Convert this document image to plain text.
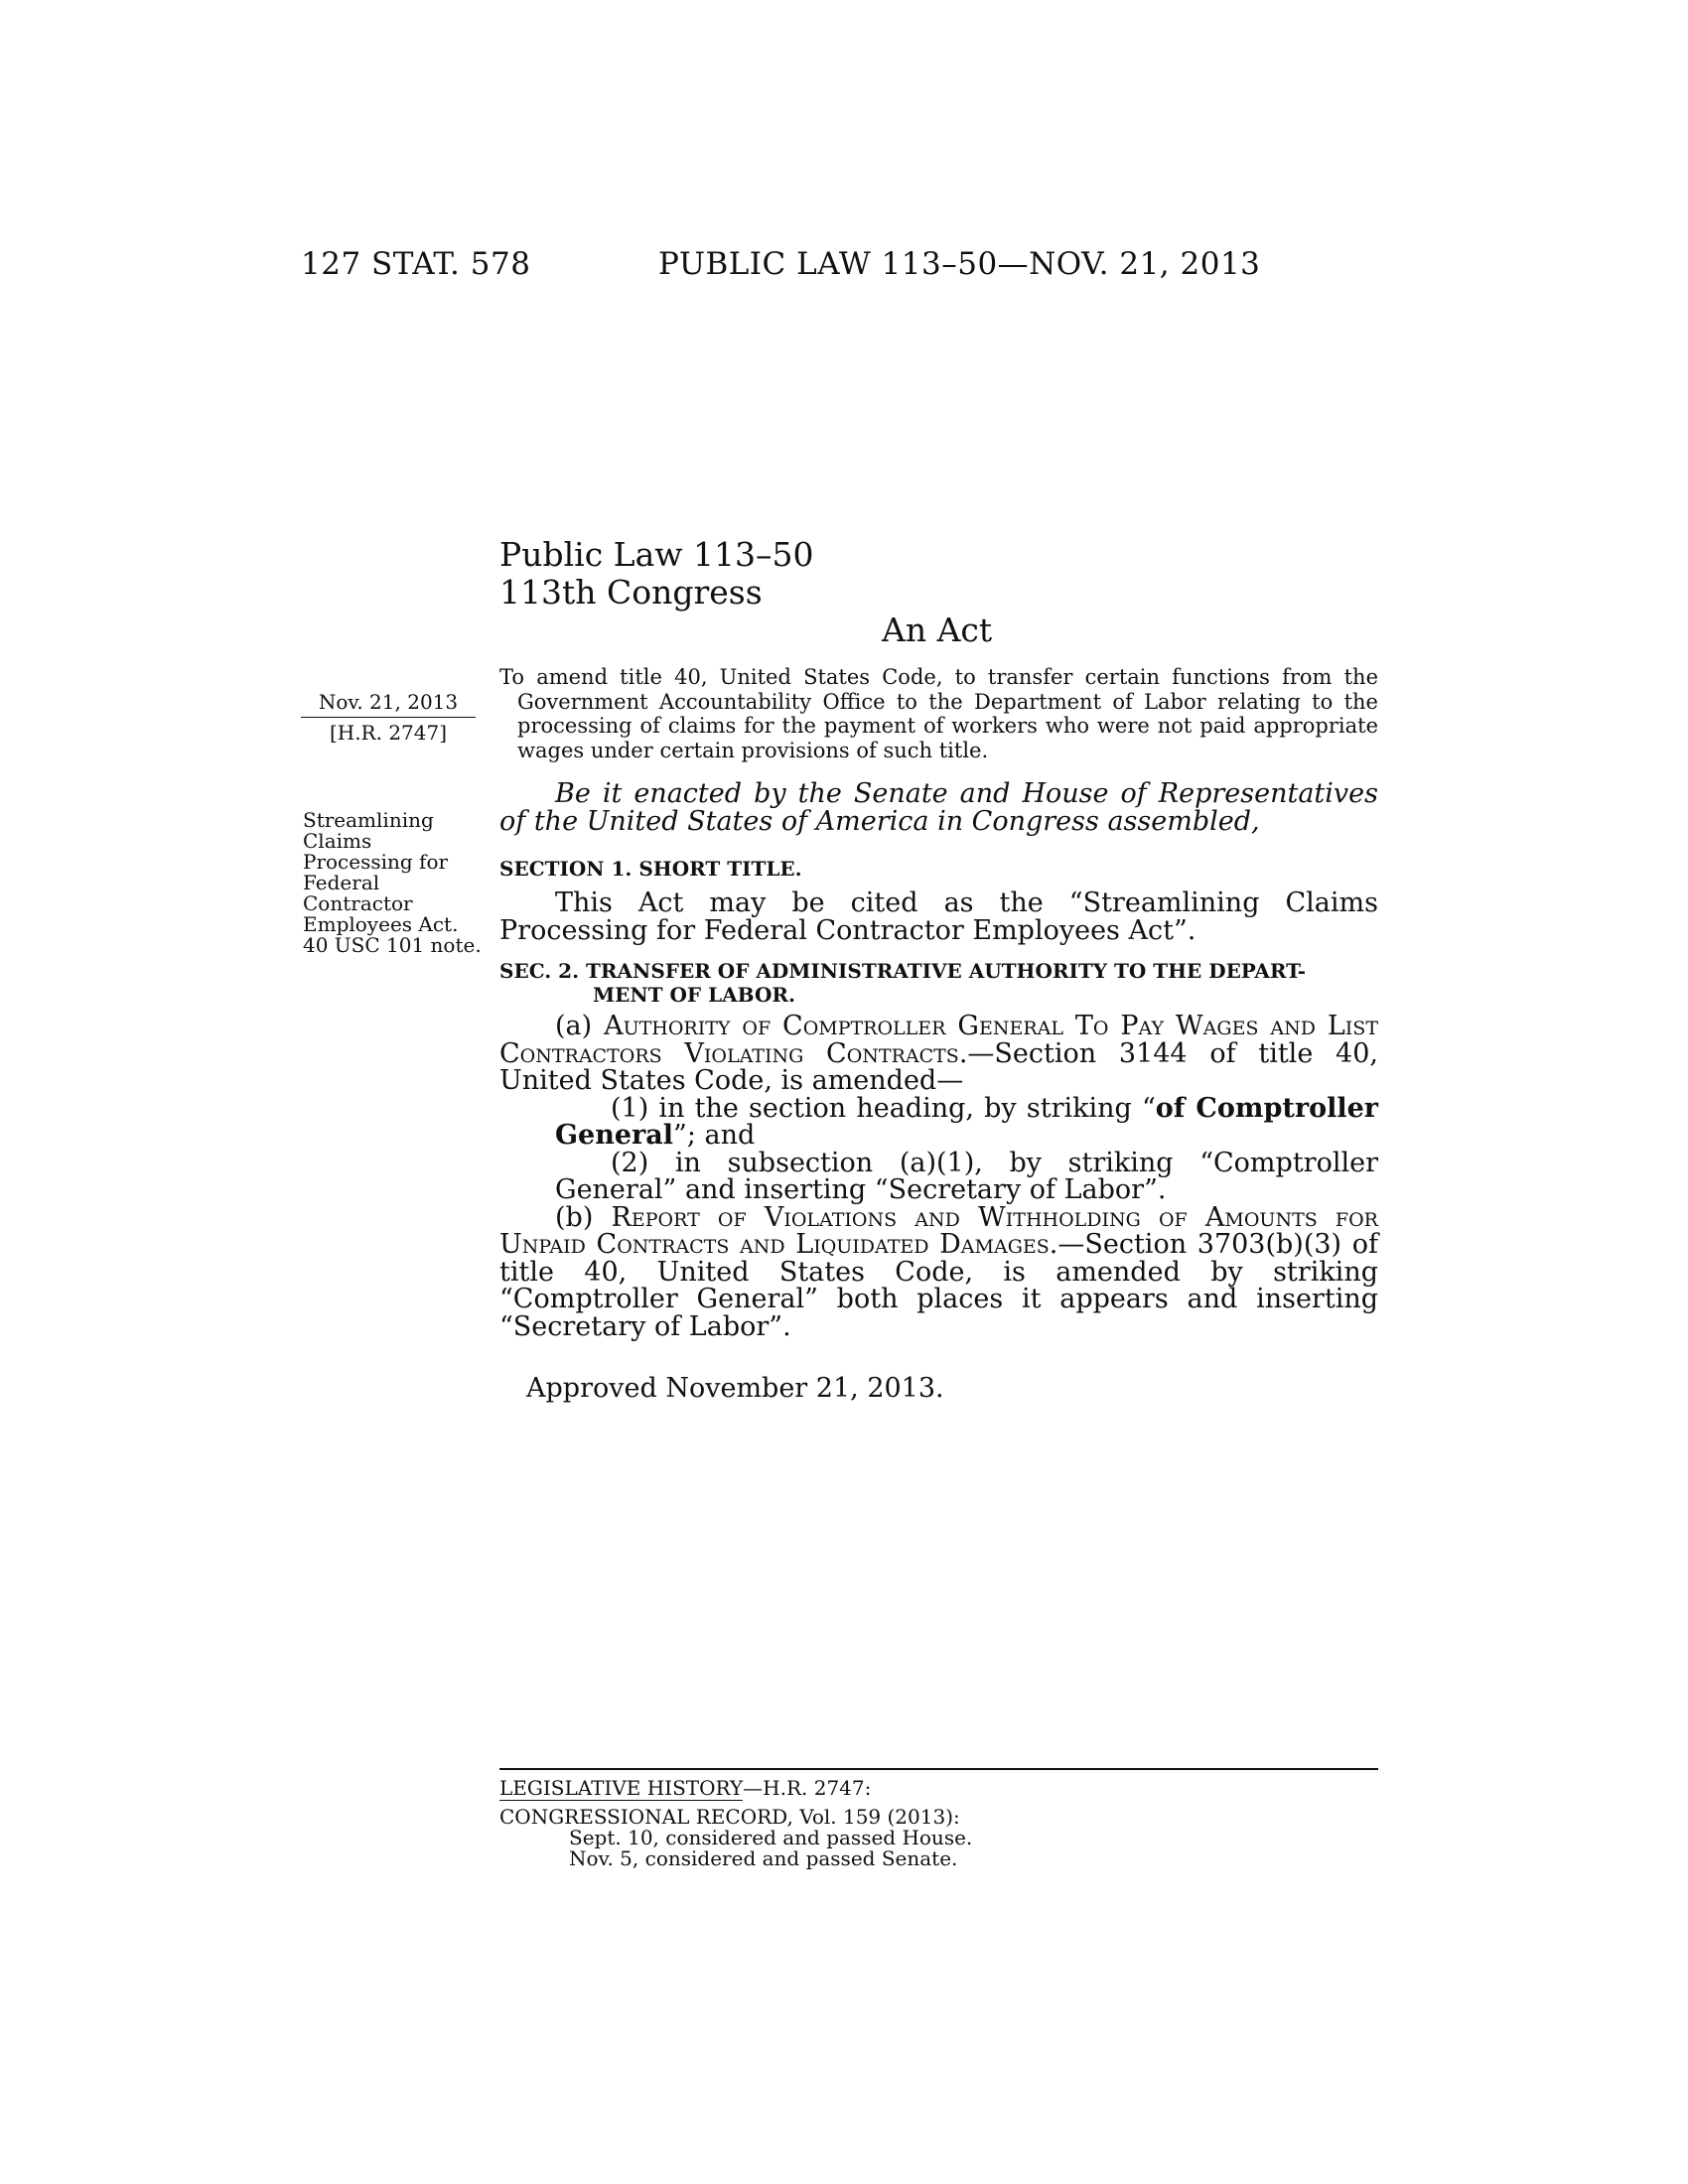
127 STAT. 578	PUBLIC LAW 113–50—NOV. 21, 2013
Public Law 113–50
113th Congress
An Act
To amend title 40, United States Code, to transfer certain functions from the Government Accountability Office to the Department of Labor relating to the processing of claims for the payment of workers who were not paid appropriate wages under certain provisions of such title.
Nov. 21, 2013
[H.R. 2747]
Streamlining
Claims
Processing for
Federal
Contractor
Employees Act.
40 USC 101 note.
Be it enacted by the Senate and House of Representatives of the United States of America in Congress assembled,
SECTION 1. SHORT TITLE.
This Act may be cited as the “Streamlining Claims Processing for Federal Contractor Employees Act”.
SEC. 2. TRANSFER OF ADMINISTRATIVE AUTHORITY TO THE DEPART-
MENT OF LABOR.
(a) Authority of Comptroller General To Pay Wages and List Contractors Violating Contracts.—Section 3144 of title 40, United States Code, is amended—
(1) in the section heading, by striking “of Comptroller General”; and
(2) in subsection (a)(1), by striking “Comptroller General” and inserting “Secretary of Labor”.
(b) Report of Violations and Withholding of Amounts for Unpaid Contracts and Liquidated Damages.—Section 3703(b)(3) of title 40, United States Code, is amended by striking “Comptroller General” both places it appears and inserting “Secretary of Labor”.
Approved November 21, 2013.
LEGISLATIVE HISTORY—H.R. 2747:
CONGRESSIONAL RECORD, Vol. 159 (2013):
Sept. 10, considered and passed House.
Nov. 5, considered and passed Senate.
